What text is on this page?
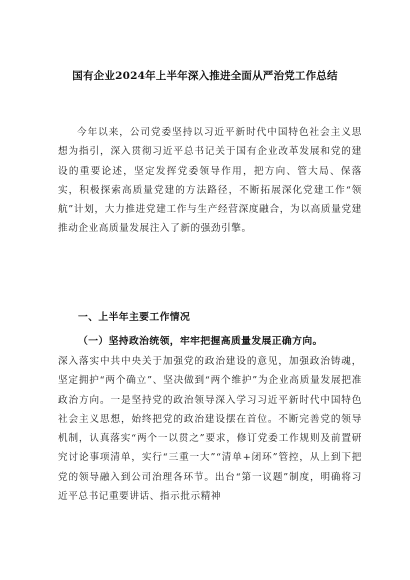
国有企业2024年上半年深入推进全面从严治党工作总结
今年以来，公司党委坚持以习近平新时代中国特色社会主义思想为指引，深入贯彻习近平总书记关于国有企业改革发展和党的建设的重要论述，坚定发挥党委领导作用，把方向、管大局、保落实，积极探索高质量党建的方法路径，不断拓展深化党建工作“领航”计划，大力推进党建工作与生产经营深度融合，为以高质量党建推动企业高质量发展注入了新的强劲引擎。
一、上半年主要工作情况
（一）坚持政治统领，牢牢把握高质量发展正确方向。
深入落实中共中央关于加强党的政治建设的意见，加强政治铸魂，坚定拥护“两个确立”、坚决做到“两个维护”为企业高质量发展把准政治方向。一是坚持党的政治领导深入学习习近平新时代中国特色社会主义思想，始终把党的政治建设摆在首位。不断完善党的领导机制，认真落实“两个一以贯之”要求，修订党委工作规则及前置研究讨论事项清单，实行“三重一大”“清单+闭环”管控，从上到下把党的领导融入到公司治理各环节。出台“第一议题”制度，明确将习近平总书记重要讲话、指示批示精神
